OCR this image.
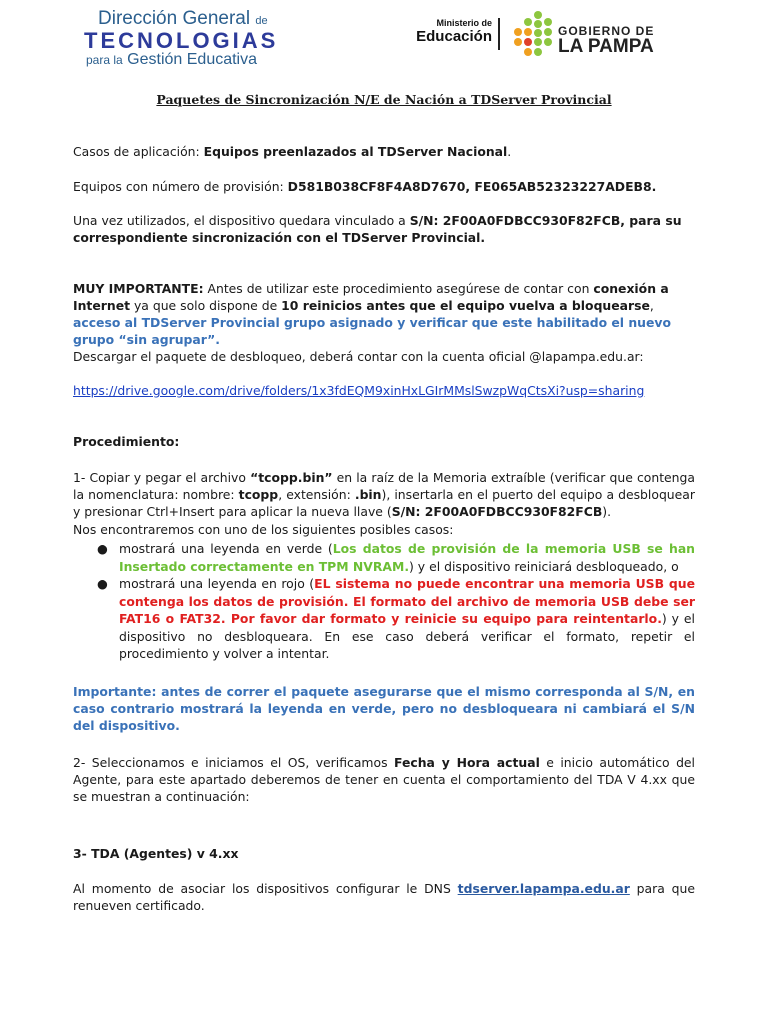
Dirección General de
TECNOLOGIAS
para la Gestión Educativa
Ministerio de
Educación	GOBIERNO DE
LA PAMPA
Paquetes de Sincronización N/E de Nación a TDServer Provincial
Casos de aplicación: Equipos preenlazados al TDServer Nacional.
Equipos con número de provisión: D581B038CF8F4A8D7670, FE065AB52323227ADEB8.
Una vez utilizados, el dispositivo quedara vinculado a S/N: 2F00A0FDBCC930F82FCB, para su correspondiente sincronización con el TDServer Provincial.
MUY IMPORTANTE: Antes de utilizar este procedimiento asegúrese de contar con conexión a Internet ya que solo dispone de 10 reinicios antes que el equipo vuelva a bloquearse, acceso al TDServer Provincial grupo asignado y verificar que este habilitado el nuevo grupo “sin agrupar”.
Descargar el paquete de desbloqueo, deberá contar con la cuenta oficial @lapampa.edu.ar:
https://drive.google.com/drive/folders/1x3fdEQM9xinHxLGIrMMslSwzpWqCtsXi?usp=sharing
Procedimiento:
1- Copiar y pegar el archivo “tcopp.bin” en la raíz de la Memoria extraíble (verificar que contenga la nomenclatura: nombre: tcopp, extensión: .bin), insertarla en el puerto del equipo a desbloquear y presionar Ctrl+Insert para aplicar la nueva llave (S/N: 2F00A0FDBCC930F82FCB).
Nos encontraremos con uno de los siguientes posibles casos:
● mostrará una leyenda en verde (Los datos de provisión de la memoria USB se han Insertado correctamente en TPM NVRAM.) y el dispositivo reiniciará desbloqueado, o
● mostrará una leyenda en rojo (EL sistema no puede encontrar una memoria USB que contenga los datos de provisión. El formato del archivo de memoria USB debe ser FAT16 o FAT32. Por favor dar formato y reinicie su equipo para reintentarlo.) y el dispositivo no desbloqueara. En ese caso deberá verificar el formato, repetir el procedimiento y volver a intentar.
Importante: antes de correr el paquete asegurarse que el mismo corresponda al S/N, en caso contrario mostrará la leyenda en verde, pero no desbloqueara ni cambiará el S/N del dispositivo.
2- Seleccionamos e iniciamos el OS, verificamos Fecha y Hora actual e inicio automático del Agente, para este apartado deberemos de tener en cuenta el comportamiento del TDA V 4.xx que se muestran a continuación:
3- TDA (Agentes) v 4.xx
Al momento de asociar los dispositivos configurar le DNS tdserver.lapampa.edu.ar para que renueven certificado.
